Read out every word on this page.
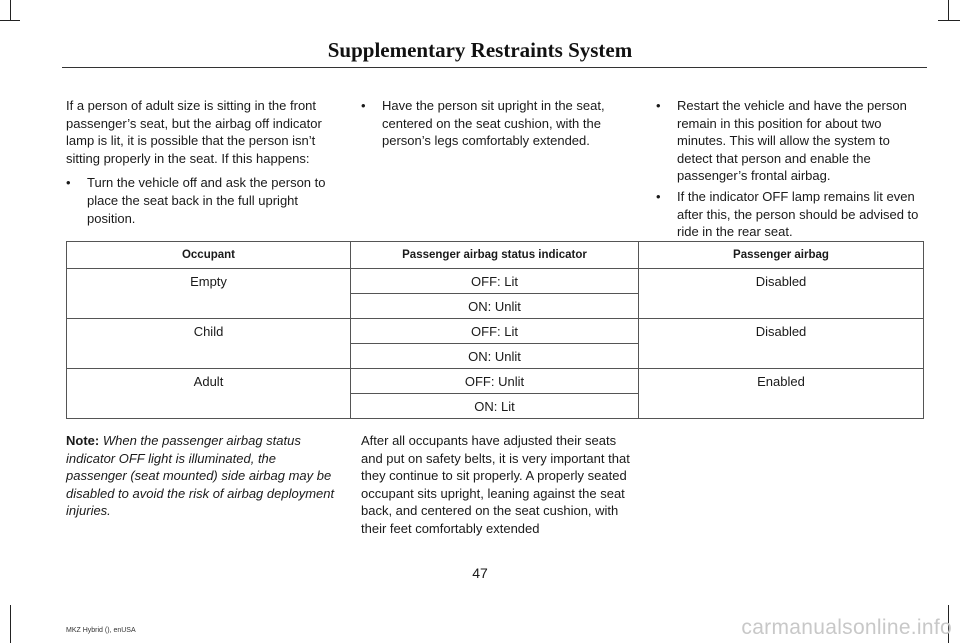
Supplementary Restraints System

If a person of adult size is sitting in the front passenger’s seat, but the airbag off indicator lamp is lit, it is possible that the person isn’t sitting properly in the seat. If this happens:

• Turn the vehicle off and ask the person to place the seat back in the full upright position.
• Have the person sit upright in the seat, centered on the seat cushion, with the person’s legs comfortably extended.
• Restart the vehicle and have the person remain in this position for about two minutes. This will allow the system to detect that person and enable the passenger’s frontal airbag.
• If the indicator OFF lamp remains lit even after this, the person should be advised to ride in the rear seat.
Occupant	Passenger airbag status indicator	Passenger airbag
Empty	OFF: Lit	Disabled
	ON: Unlit	
Child	OFF: Lit	Disabled
	ON: Unlit	
Adult	OFF: Unlit	Enabled
	ON: Lit	
Note: When the passenger airbag status indicator OFF light is illuminated, the passenger (seat mounted) side airbag may be disabled to avoid the risk of airbag deployment injuries.
After all occupants have adjusted their seats and put on safety belts, it is very important that they continue to sit properly. A properly seated occupant sits upright, leaning against the seat back, and centered on the seat cushion, with their feet comfortably extended
47
MKZ Hybrid (), enUSA	carmanualsonline.info
